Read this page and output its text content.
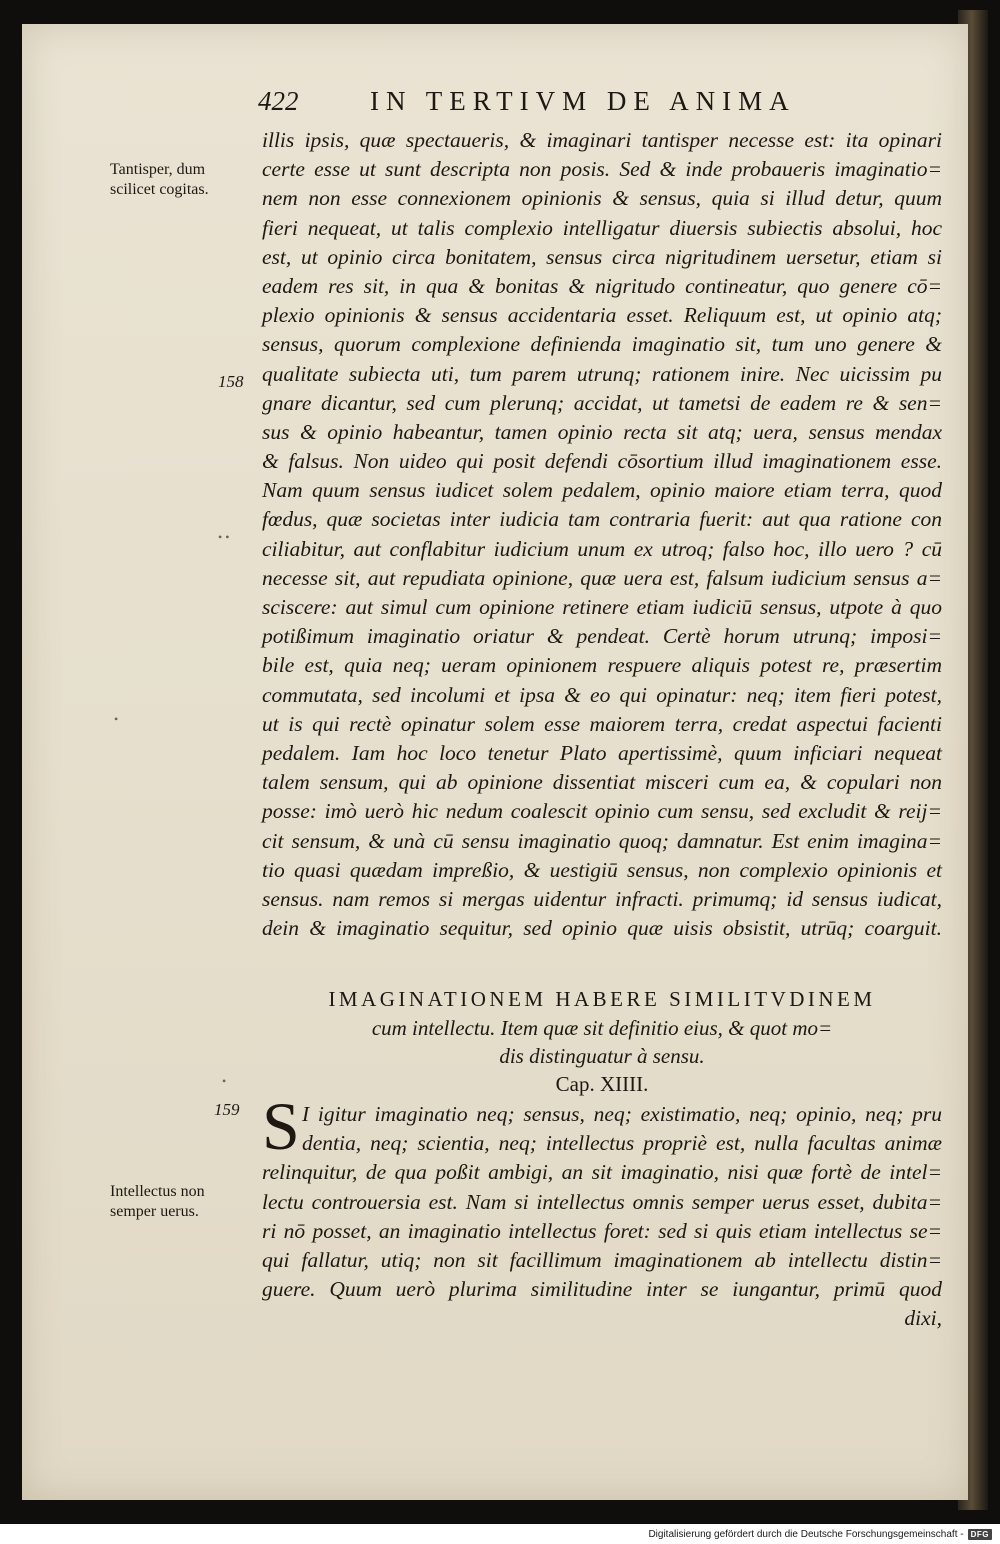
422	IN TERTIVM DE ANIMA
Tantisper, dum
scilicet cogitas.
Intellectus non
semper uerus.
158
159
• •
•
•
illis ipsis, quæ spectaueris, & imaginari tantisper necesse est: ita opinari
certe esse ut sunt descripta non posis. Sed & inde probaueris imaginatio=
nem non esse connexionem opinionis & sensus, quia si illud detur, quum
fieri nequeat, ut talis complexio intelligatur diuersis subiectis absolui, hoc
est, ut opinio circa bonitatem, sensus circa nigritudinem uersetur, etiam si
eadem res sit, in qua & bonitas & nigritudo contineatur, quo genere cō=
plexio opinionis & sensus accidentaria esset. Reliquum est, ut opinio atq;
sensus, quorum complexione definienda imaginatio sit, tum uno genere &
qualitate subiecta uti, tum parem utrunq; rationem inire. Nec uicissim pu
gnare dicantur, sed cum plerunq; accidat, ut tametsi de eadem re & sen=
sus & opinio habeantur, tamen opinio recta sit atq; uera, sensus mendax
& falsus. Non uideo qui posit defendi cōsortium illud imaginationem esse.
Nam quum sensus iudicet solem pedalem, opinio maiore etiam terra, quod
fœdus, quæ societas inter iudicia tam contraria fuerit: aut qua ratione con
ciliabitur, aut conflabitur iudicium unum ex utroq; falso hoc, illo uero ? cū
necesse sit, aut repudiata opinione, quæ uera est, falsum iudicium sensus a=
sciscere: aut simul cum opinione retinere etiam iudiciū sensus, utpote à quo
potißimum imaginatio oriatur & pendeat. Certè horum utrunq; imposi=
bile est, quia neq; ueram opinionem respuere aliquis potest re, præsertim
commutata, sed incolumi et ipsa & eo qui opinatur: neq; item fieri potest,
ut is qui rectè opinatur solem esse maiorem terra, credat aspectui facienti
pedalem. Iam hoc loco tenetur Plato apertissimè, quum inficiari nequeat
talem sensum, qui ab opinione dissentiat misceri cum ea, & copulari non
posse: imò uerò hic nedum coalescit opinio cum sensu, sed excludit & reij=
cit sensum, & unà cū sensu imaginatio quoq; damnatur. Est enim imagina=
tio quasi quædam impreßio, & uestigiū sensus, non complexio opinionis et
sensus. nam remos si mergas uidentur infracti. primumq; id sensus iudicat,
dein & imaginatio sequitur, sed opinio quæ uisis obsistit, utrūq; coarguit.
IMAGINATIONEM HABERE SIMILITVDINEM
cum intellectu. Item quæ sit definitio eius, & quot mo=
dis distinguatur à sensu.
Cap. XIIII.
S I igitur imaginatio neq; sensus, neq; existimatio, neq; opinio, neq; pru
dentia, neq; scientia, neq; intellectus propriè est, nulla facultas animæ
relinquitur, de qua poßit ambigi, an sit imaginatio, nisi quæ fortè de intel=
lectu controuersia est. Nam si intellectus omnis semper uerus esset, dubita=
ri nō posset, an imaginatio intellectus foret: sed si quis etiam intellectus se=
qui fallatur, utiq; non sit facillimum imaginationem ab intellectu distin=
guere. Quum uerò plurima similitudine inter se iungantur, primū quod
dixi,
Digitalisierung gefördert durch die Deutsche Forschungsgemeinschaft - DFG
